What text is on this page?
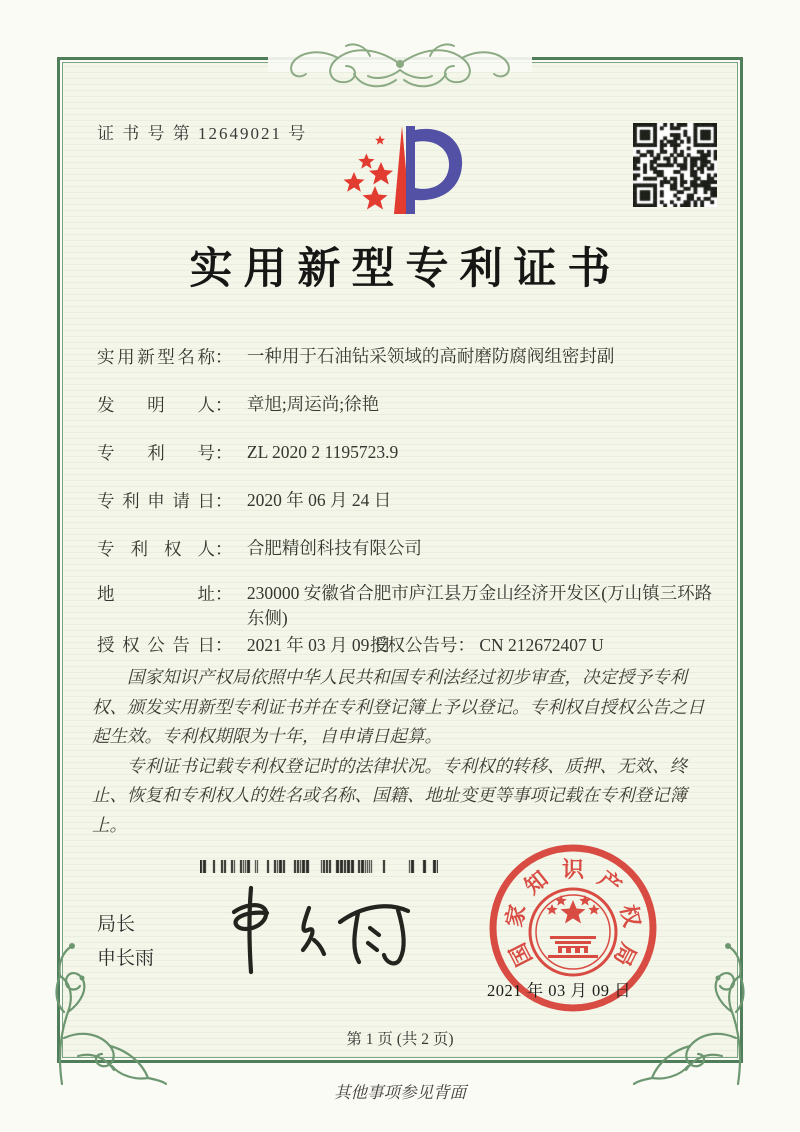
证 书 号 第 12649021 号
实用新型专利证书
实用新型名称： 一种用于石油钻采领域的高耐磨防腐阀组密封副
发明人： 章旭;周运尚;徐艳
专利号： ZL 2020 2 1195723.9
专利申请日： 2020 年 06 月 24 日
专利权人： 合肥精创科技有限公司
地址： 230000 安徽省合肥市庐江县万金山经济开发区(万山镇三环路东侧)
授权公告日： 2021 年 03 月 09 日
授权公告号： CN 212672407 U

国家知识产权局依照中华人民共和国专利法经过初步审查，决定授予专利权、颁发实用新型专利证书并在专利登记簿上予以登记。专利权自授权公告之日起生效。专利权期限为十年，自申请日起算。

专利证书记载专利权登记时的法律状况。专利权的转移、质押、无效、终止、恢复和专利权人的姓名或名称、国籍、地址变更等事项记载在专利登记簿上。

局长
申长雨	国
家
知 识 产
权
局
2021 年 03 月 09 日
第 1 页 (共 2 页)
其他事项参见背面
